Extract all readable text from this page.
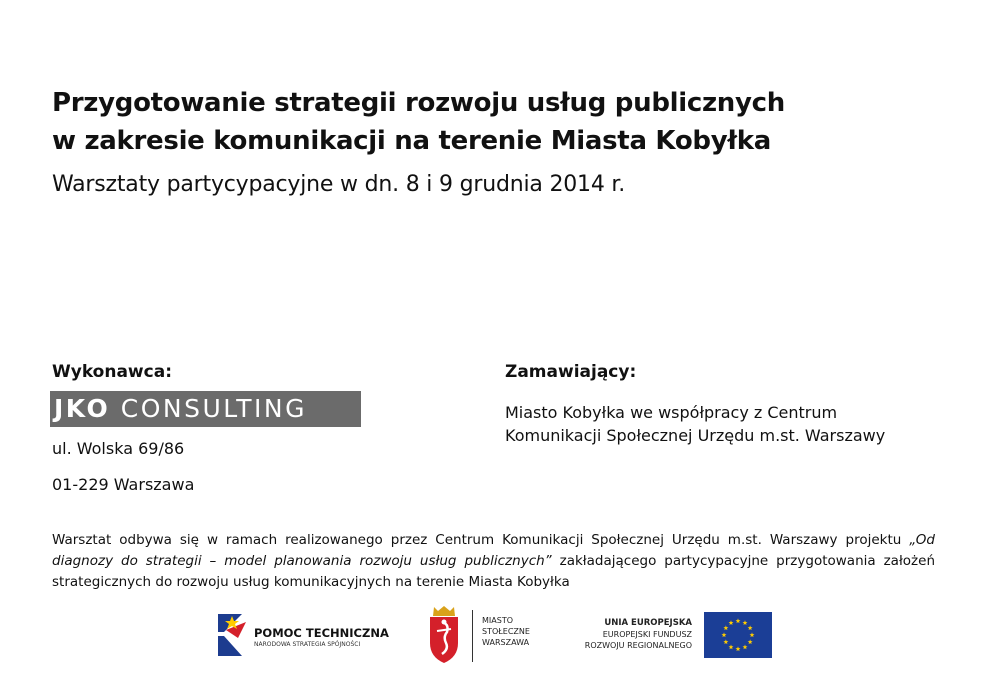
Przygotowanie strategii rozwoju usług publicznych
w zakresie komunikacji na terenie Miasta Kobyłka
Warsztaty partycypacyjne w dn. 8 i 9 grudnia 2014 r.
Wykonawca:
JKO CONSULTING
ul. Wolska 69/86
01-229 Warszawa
Zamawiający:
Miasto Kobyłka we współpracy z Centrum
Komunikacji Społecznej Urzędu m.st. Warszawy
Warsztat odbywa się w ramach realizowanego przez Centrum Komunikacji Społecznej Urzędu m.st. Warszawy projektu „Od diagnozy do strategii – model planowania rozwoju usług publicznych” zakładającego partycypacyjne przygotowania założeń strategicznych do rozwoju usług komunikacyjnych na terenie Miasta Kobyłka
POMOC TECHNICZNA
NARODOWA STRATEGIA SPÓJNOŚCI
MIASTO
STOŁECZNE
WARSZAWA
UNIA EUROPEJSKA
EUROPEJSKI FUNDUSZ
ROZWOJU REGIONALNEGO
